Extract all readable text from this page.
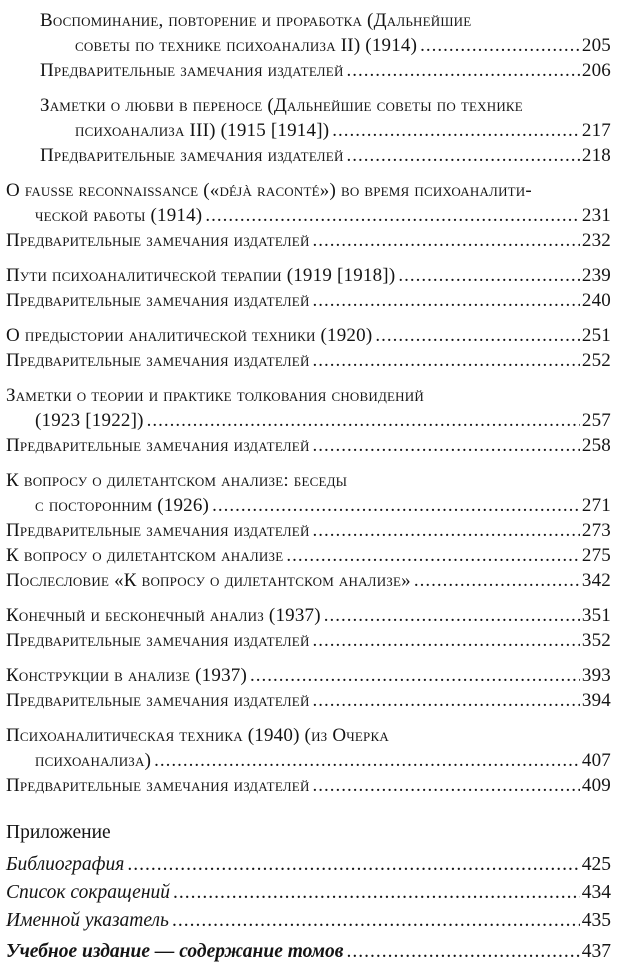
Воспоминание, повторение и проработка (Дальнейшие
советы по технике психоанализа II) (1914) .....	205
Предварительные замечания издателей .....	206
Заметки о любви в переносе (Дальнейшие советы по технике
психоанализа III) (1915 [1914]) .....	217
Предварительные замечания издателей .....	218
О fausse reconnaissance («déjà raconté») во время психоаналити-
ческой работы (1914) .....	231
Предварительные замечания издателей .....	232
Пути психоаналитической терапии (1919 [1918]) .....	239
Предварительные замечания издателей .....	240
О предыстории аналитической техники (1920) .....	251
Предварительные замечания издателей .....	252
Заметки о теории и практике толкования сновидений
(1923 [1922]) .....	257
Предварительные замечания издателей .....	258
К вопросу о дилетантском анализе: беседы
с посторонним (1926) .....	271
Предварительные замечания издателей .....	273
К вопросу о дилетантском анализе .....	275
Послесловие «К вопросу о дилетантском анализе» .....	342
Конечный и бесконечный анализ (1937) .....	351
Предварительные замечания издателей .....	352
Конструкции в анализе (1937) .....	393
Предварительные замечания издателей .....	394
Психоаналитическая техника (1940) (из Очерка
психоанализа) .....	407
Предварительные замечания издателей .....	409
Приложение
Библиография .....	425
Список сокращений .....	434
Именной указатель .....	435
Учебное издание — содержание томов .....	437
